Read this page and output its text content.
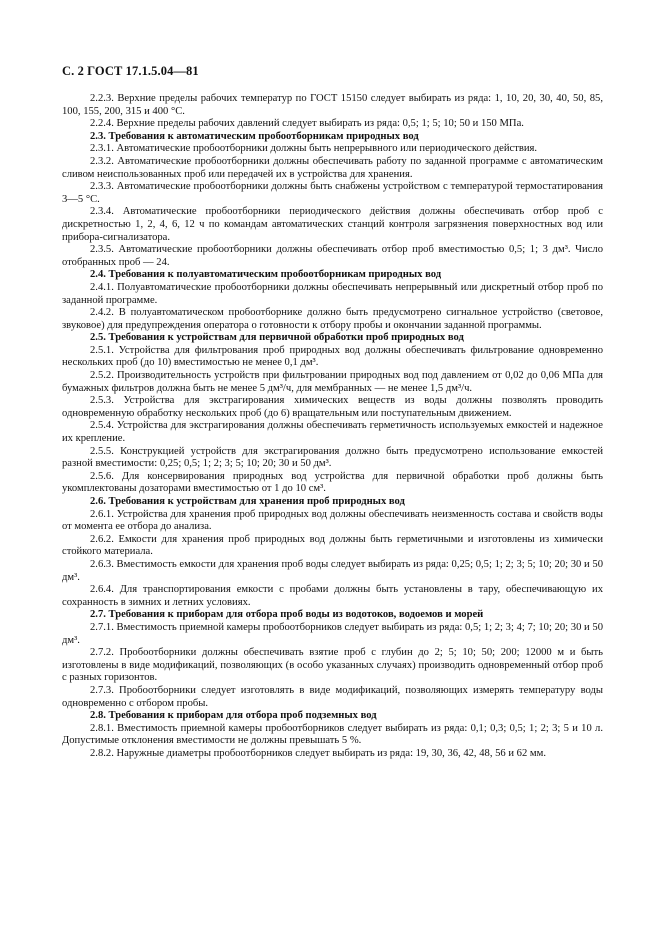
С. 2 ГОСТ 17.1.5.04—81
2.2.3. Верхние пределы рабочих температур по ГОСТ 15150 следует выбирать из ряда: 1, 10, 20, 30, 40, 50, 85, 100, 155, 200, 315 и 400 °С.
2.2.4. Верхние пределы рабочих давлений следует выбирать из ряда: 0,5; 1; 5; 10; 50 и 150 МПа.
2.3. Требования к автоматическим пробоотборникам природных вод
2.3.1. Автоматические пробоотборники должны быть непрерывного или периодического действия.
2.3.2. Автоматические пробоотборники должны обеспечивать работу по заданной программе с автоматическим сливом неиспользованных проб или передачей их в устройства для хранения.
2.3.3. Автоматические пробоотборники должны быть снабжены устройством с температурой термостатирования 3—5 °С.
2.3.4. Автоматические пробоотборники периодического действия должны обеспечивать отбор проб с дискретностью 1, 2, 4, 6, 12 ч по командам автоматических станций контроля загрязнения поверхностных вод или прибора-сигнализатора.
2.3.5. Автоматические пробоотборники должны обеспечивать отбор проб вместимостью 0,5; 1; 3 дм³. Число отобранных проб — 24.
2.4. Требования к полуавтоматическим пробоотборникам природных вод
2.4.1. Полуавтоматические пробоотборники должны обеспечивать непрерывный или дискретный отбор проб по заданной программе.
2.4.2. В полуавтоматическом пробоотборнике должно быть предусмотрено сигнальное устройство (световое, звуковое) для предупреждения оператора о готовности к отбору пробы и окончании заданной программы.
2.5. Требования к устройствам для первичной обработки проб природных вод
2.5.1. Устройства для фильтрования проб природных вод должны обеспечивать фильтрование одновременно нескольких проб (до 10) вместимостью не менее 0,1 дм³.
2.5.2. Производительность устройств при фильтровании природных вод под давлением от 0,02 до 0,06 МПа для бумажных фильтров должна быть не менее 5 дм³/ч, для мембранных — не менее 1,5 дм³/ч.
2.5.3. Устройства для экстрагирования химических веществ из воды должны позволять проводить одновременную обработку нескольких проб (до 6) вращательным или поступательным движением.
2.5.4. Устройства для экстрагирования должны обеспечивать герметичность используемых емкостей и надежное их крепление.
2.5.5. Конструкцией устройств для экстрагирования должно быть предусмотрено использование емкостей разной вместимости: 0,25; 0,5; 1; 2; 3; 5; 10; 20; 30 и 50 дм³.
2.5.6. Для консервирования природных вод устройства для первичной обработки проб должны быть укомплектованы дозаторами вместимостью от 1 до 10 см³.
2.6. Требования к устройствам для хранения проб природных вод
2.6.1. Устройства для хранения проб природных вод должны обеспечивать неизменность состава и свойств воды от момента ее отбора до анализа.
2.6.2. Емкости для хранения проб природных вод должны быть герметичными и изготовлены из химически стойкого материала.
2.6.3. Вместимость емкости для хранения проб воды следует выбирать из ряда: 0,25; 0,5; 1; 2; 3; 5; 10; 20; 30 и 50 дм³.
2.6.4. Для транспортирования емкости с пробами должны быть установлены в тару, обеспечивающую их сохранность в зимних и летних условиях.
2.7. Требования к приборам для отбора проб воды из водотоков, водоемов и морей
2.7.1. Вместимость приемной камеры пробоотборников следует выбирать из ряда: 0,5; 1; 2; 3; 4; 7; 10; 20; 30 и 50 дм³.
2.7.2. Пробоотборники должны обеспечивать взятие проб с глубин до 2; 5; 10; 50; 200; 12000 м и быть изготовлены в виде модификаций, позволяющих (в особо указанных случаях) производить одновременный отбор проб с разных горизонтов.
2.7.3. Пробоотборники следует изготовлять в виде модификаций, позволяющих измерять температуру воды одновременно с отбором пробы.
2.8. Требования к приборам для отбора проб подземных вод
2.8.1. Вместимость приемной камеры пробоотборников следует выбирать из ряда: 0,1; 0,3; 0,5; 1; 2; 3; 5 и 10 л. Допустимые отклонения вместимости не должны превышать 5 %.
2.8.2. Наружные диаметры пробоотборников следует выбирать из ряда: 19, 30, 36, 42, 48, 56 и 62 мм.
